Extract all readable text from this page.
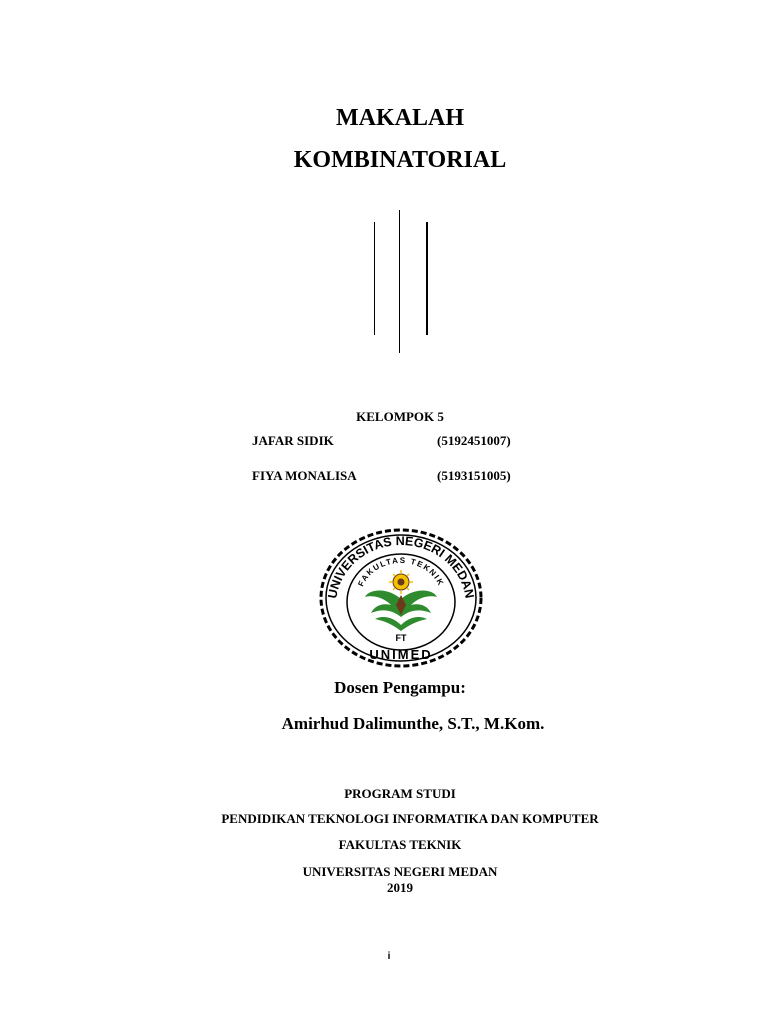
MAKALAH
KOMBINATORIAL
KELOMPOK 5
JAFAR SIDIK	(5192451007)
FIYA MONALISA	(5193151005)
UNIVERSITAS NEGERI MEDAN
FAKULTAS TEKNIK
FT
UNIMED
Dosen Pengampu:
Amirhud Dalimunthe, S.T., M.Kom.
PROGRAM STUDI
PENDIDIKAN TEKNOLOGI INFORMATIKA DAN KOMPUTER
FAKULTAS TEKNIK
UNIVERSITAS NEGERI MEDAN
2019
i
